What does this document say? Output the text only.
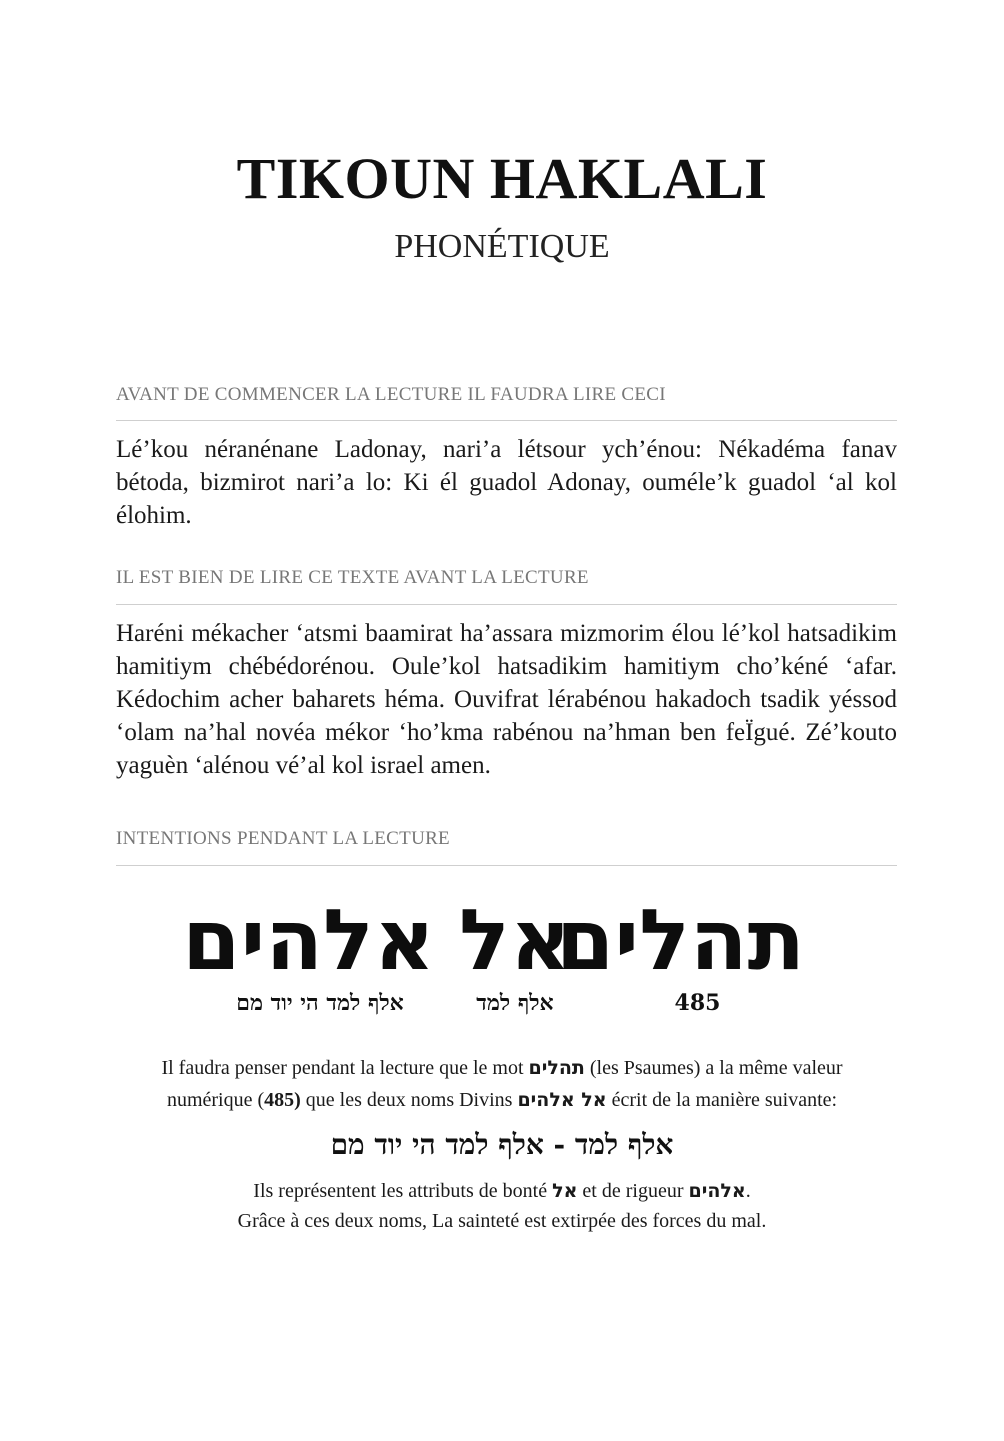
TIKOUN HAKLALI
PHONÉTIQUE
AVANT DE COMMENCER LA LECTURE IL FAUDRA LIRE CECI
Lé’kou néranénane Ladonay, nari’a létsour ych’énou: Nékadéma fanav bétoda, bizmirot nari’a lo: Ki él guadol Adonay, ouméle’k guadol ‘al kol élohim.
IL EST BIEN DE LIRE CE TEXTE AVANT LA LECTURE
Haréni mékacher ‘atsmi baamirat ha’assara mizmorim élou lé’kol hatsadikim hamitiym chébédorénou. Oule’kol hatsadikim hamitiym cho’kéné ‘afar. Kédochim acher baharets héma. Ouvifrat lérabénou hakadoch tsadik yéssod ‘olam na’hal novéa mékor ‘ho’kma rabénou na’hman ben feÏgué. Zé’kouto yaguèn ‘alénou vé’al kol israel amen.
INTENTIONS PENDANT LA LECTURE
תהלים
אל
אלהים
485
אלף למד
אלף למד הי יוד מם
Il faudra penser pendant la lecture que le mot תהלים (les Psaumes) a la même valeur
numérique (485) que les deux noms Divins אל אלהים écrit de la manière suivante:
אלף למד - אלף למד הי יוד מם
Ils représentent les attributs de bonté אל et de rigueur אלהים.
Grâce à ces deux noms, La sainteté est extirpée des forces du mal.
